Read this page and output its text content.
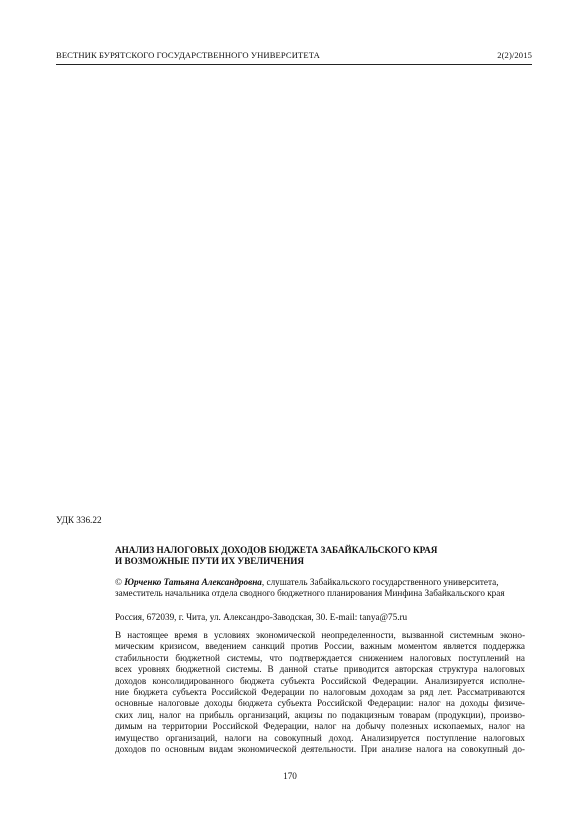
ВЕСТНИК БУРЯТСКОГО ГОСУДАРСТВЕННОГО УНИВЕРСИТЕТА	2(2)/2015
УДК 336.22
АНАЛИЗ НАЛОГОВЫХ ДОХОДОВ БЮДЖЕТА ЗАБАЙКАЛЬСКОГО КРАЯ
И ВОЗМОЖНЫЕ ПУТИ ИХ УВЕЛИЧЕНИЯ
© Юрченко Татьяна Александровна, слушатель Забайкальского государственного университета, заместитель начальника отдела сводного бюджетного планирования Минфина Забайкальского края
Россия, 672039, г. Чита, ул. Александро-Заводская, 30. E-mail: tanya@75.ru
В настоящее время в условиях экономической неопределенности, вызванной системным эконо-
мическим кризисом, введением санкций против России, важным моментом является поддержка
стабильности бюджетной системы, что подтверждается снижением налоговых поступлений на
всех уровнях бюджетной системы. В данной статье приводится авторская структура налоговых
доходов консолидированного бюджета субъекта Российской Федерации. Анализируется исполне-
ние бюджета субъекта Российской Федерации по налоговым доходам за ряд лет. Рассматриваются
основные налоговые доходы бюджета субъекта Российской Федерации: налог на доходы физиче-
ских лиц, налог на прибыль организаций, акцизы по подакцизным товарам (продукции), произво-
димым на территории Российской Федерации, налог на добычу полезных ископаемых, налог на
имущество организаций, налоги на совокупный доход. Анализируется поступление налоговых
доходов по основным видам экономической деятельности. При анализе налога на совокупный до-
170
